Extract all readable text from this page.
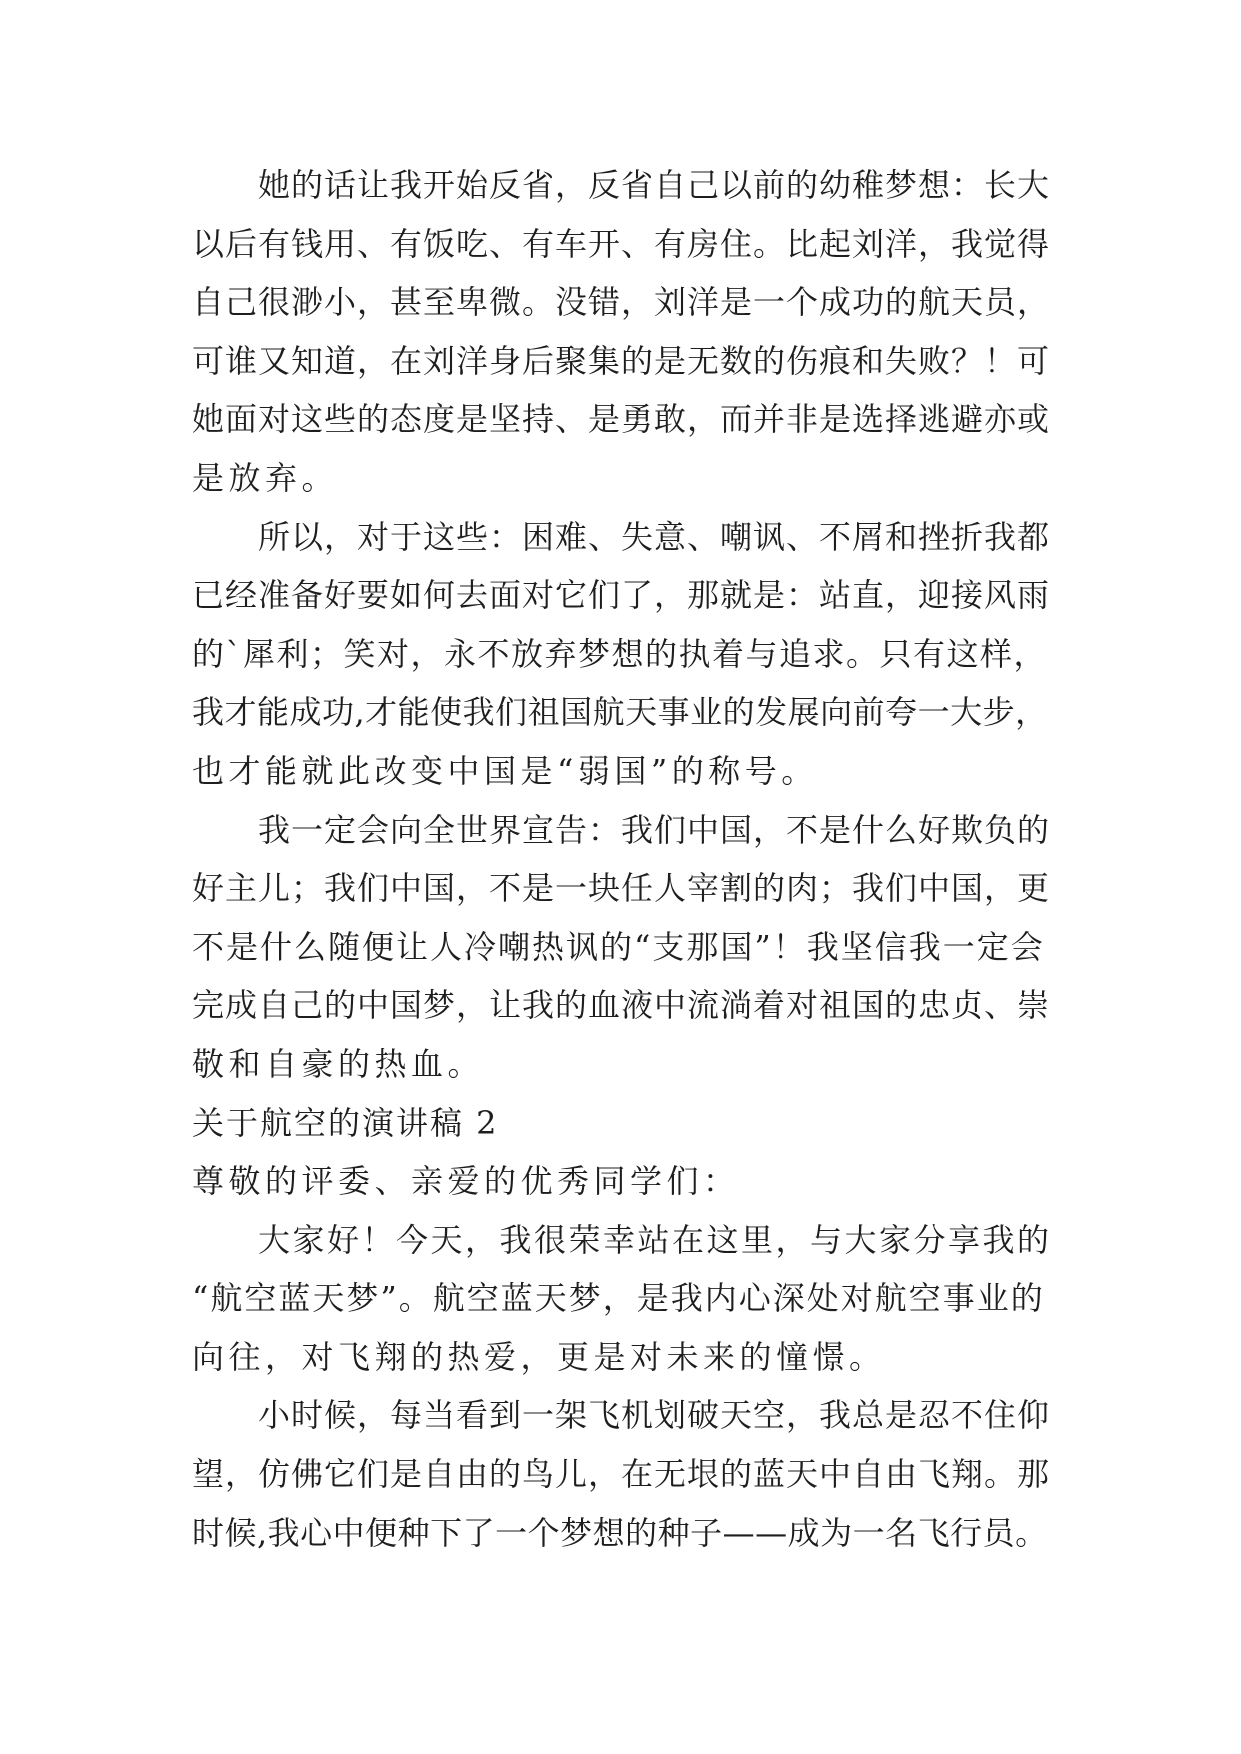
她的话让我开始反省，反省自己以前的幼稚梦想：长大
以后有钱用、有饭吃、有车开、有房住。比起刘洋，我觉得
自己很渺小，甚至卑微。没错，刘洋是一个成功的航天员，
可谁又知道，在刘洋身后聚集的是无数的伤痕和失败？！可
她面对这些的态度是坚持、是勇敢，而并非是选择逃避亦或
是放弃。
所以，对于这些：困难、失意、嘲讽、不屑和挫折我都
已经准备好要如何去面对它们了，那就是：站直，迎接风雨
的`犀利；笑对，永不放弃梦想的执着与追求。只有这样，
我才能成功,才能使我们祖国航天事业的发展向前夸一大步，
也才能就此改变中国是“弱国”的称号。
我一定会向全世界宣告：我们中国，不是什么好欺负的
好主儿；我们中国，不是一块任人宰割的肉；我们中国，更
不是什么随便让人冷嘲热讽的“支那国”！我坚信我一定会
完成自己的中国梦，让我的血液中流淌着对祖国的忠贞、崇
敬和自豪的热血。
关于航空的演讲稿 2
尊敬的评委、亲爱的优秀同学们：
大家好！今天，我很荣幸站在这里，与大家分享我的
“航空蓝天梦”。航空蓝天梦，是我内心深处对航空事业的
向往，对飞翔的热爱，更是对未来的憧憬。
小时候，每当看到一架飞机划破天空，我总是忍不住仰
望，仿佛它们是自由的鸟儿，在无垠的蓝天中自由飞翔。那
时候,我心中便种下了一个梦想的种子——成为一名飞行员。
